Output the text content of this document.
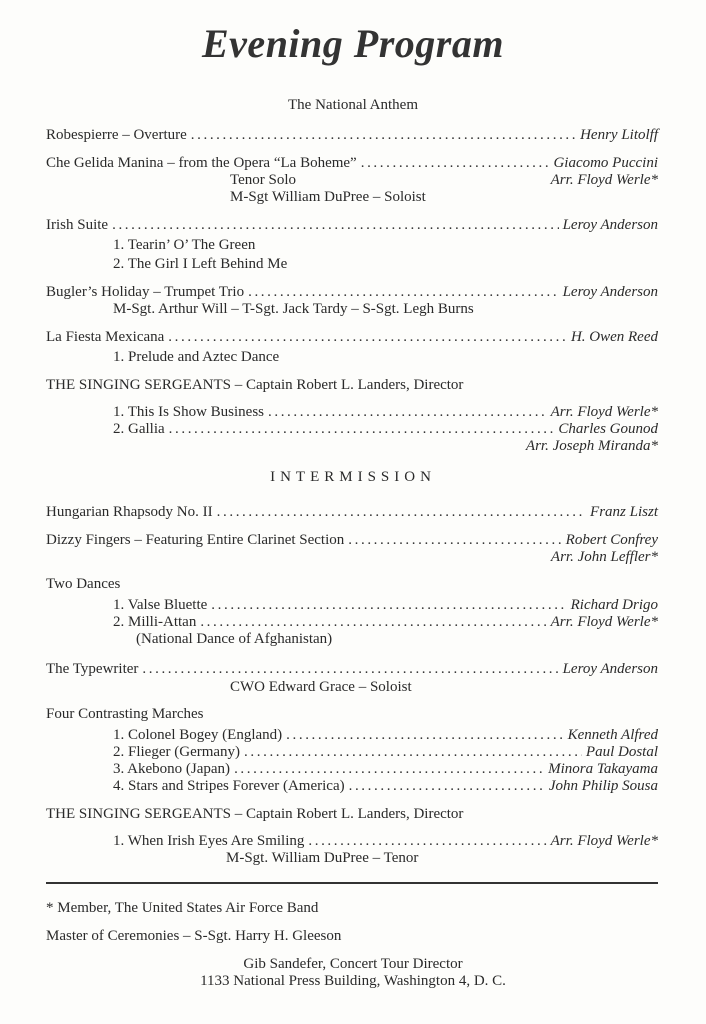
Evening Program
The National Anthem
Robespierre – Overture .....	Henry Litolff
Che Gelida Manina – from the Opera “La Boheme” .....	Giacomo Puccini
Tenor Solo	Arr. Floyd Werle*
M-Sgt William DuPree – Soloist
Irish Suite .....	Leroy Anderson
1. Tearin’ O’ The Green
2. The Girl I Left Behind Me
Bugler’s Holiday – Trumpet Trio .....	Leroy Anderson
M-Sgt. Arthur Will – T-Sgt. Jack Tardy – S-Sgt. Legh Burns
La Fiesta Mexicana .....	H. Owen Reed
1. Prelude and Aztec Dance
THE SINGING SERGEANTS – Captain Robert L. Landers, Director
1. This Is Show Business .....	Arr. Floyd Werle*
2. Gallia .....	Charles Gounod
Arr. Joseph Miranda*
INTERMISSION
Hungarian Rhapsody No. II .....	Franz Liszt
Dizzy Fingers – Featuring Entire Clarinet Section .....	Robert Confrey
Arr. John Leffler*
Two Dances
1. Valse Bluette .....	Richard Drigo
2. Milli-Attan .....	Arr. Floyd Werle*
(National Dance of Afghanistan)
The Typewriter .....	Leroy Anderson
CWO Edward Grace – Soloist
Four Contrasting Marches
1. Colonel Bogey (England) .....	Kenneth Alfred
2. Flieger (Germany) .....	Paul Dostal
3. Akebono (Japan) .....	Minora Takayama
4. Stars and Stripes Forever (America) .....	John Philip Sousa
THE SINGING SERGEANTS – Captain Robert L. Landers, Director
1. When Irish Eyes Are Smiling .....	Arr. Floyd Werle*
M-Sgt. William DuPree – Tenor
* Member, The United States Air Force Band
Master of Ceremonies – S-Sgt. Harry H. Gleeson
Gib Sandefer, Concert Tour Director
1133 National Press Building, Washington 4, D. C.
